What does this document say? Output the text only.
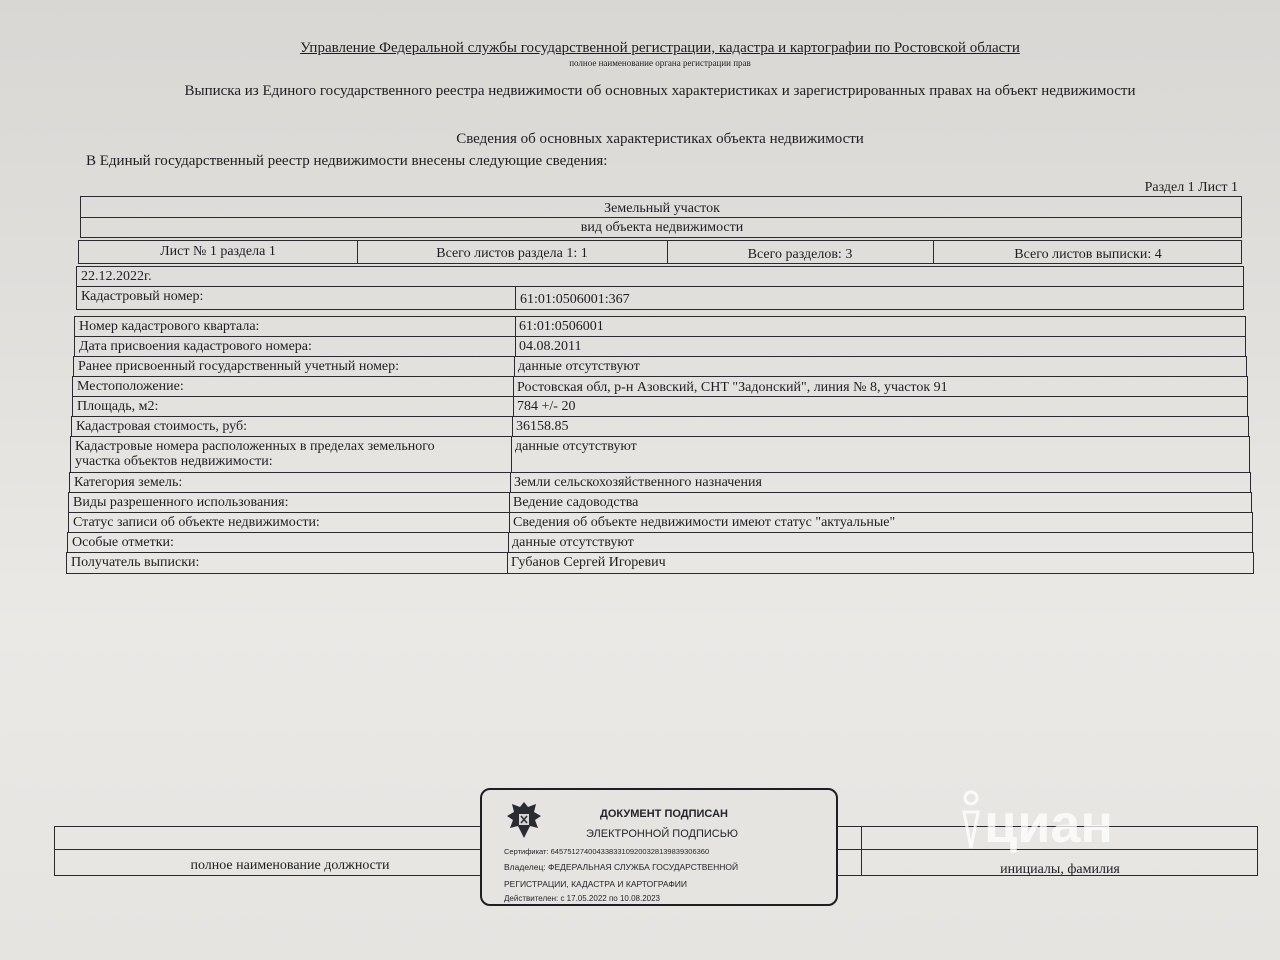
Управление Федеральной службы государственной регистрации, кадастра и картографии по Ростовской области
полное наименование органа регистрации прав
Выписка из Единого государственного реестра недвижимости об основных характеристиках и зарегистрированных правах на объект недвижимости
Сведения об основных характеристиках объекта недвижимости
В Единый государственный реестр недвижимости внесены следующие сведения:
Раздел 1 Лист 1
Земельный участок
вид объекта недвижимости
Лист № 1 раздела 1	Всего листов раздела 1: 1	Всего разделов: 3	Всего листов выписки: 4
22.12.2022г.
Кадастровый номер:	61:01:0506001:367
Номер кадастрового квартала:	61:01:0506001
Дата присвоения кадастрового номера:	04.08.2011
Ранее присвоенный государственный учетный номер:	данные отсутствуют
Местоположение:	Ростовская обл, р-н Азовский, СНТ "Задонский", линия № 8, участок 91
Площадь, м2:	784 +/- 20
Кадастровая стоимость, руб:	36158.85
Кадастровые номера расположенных в пределах земельного
участка объектов недвижимости:
данные отсутствуют
Категория земель:	Земли сельскохозяйственного назначения
Виды разрешенного использования:	Ведение садоводства
Статус записи об объекте недвижимости:	Сведения об объекте недвижимости имеют статус "актуальные"
Особые отметки:	данные отсутствуют
Получатель выписки:	Губанов Сергей Игоревич
полное наименование должности	инициалы, фамилия
ДОКУМЕНТ ПОДПИСАН
ЭЛЕКТРОННОЙ ПОДПИСЬЮ
Сертификат: 64575127400433833109200328139839306360
Владелец: ФЕДЕРАЛЬНАЯ СЛУЖБА ГОСУДАРСТВЕННОЙ
РЕГИСТРАЦИИ, КАДАСТРА И КАРТОГРАФИИ
Действителен: с 17.05.2022 по 10.08.2023
циан
